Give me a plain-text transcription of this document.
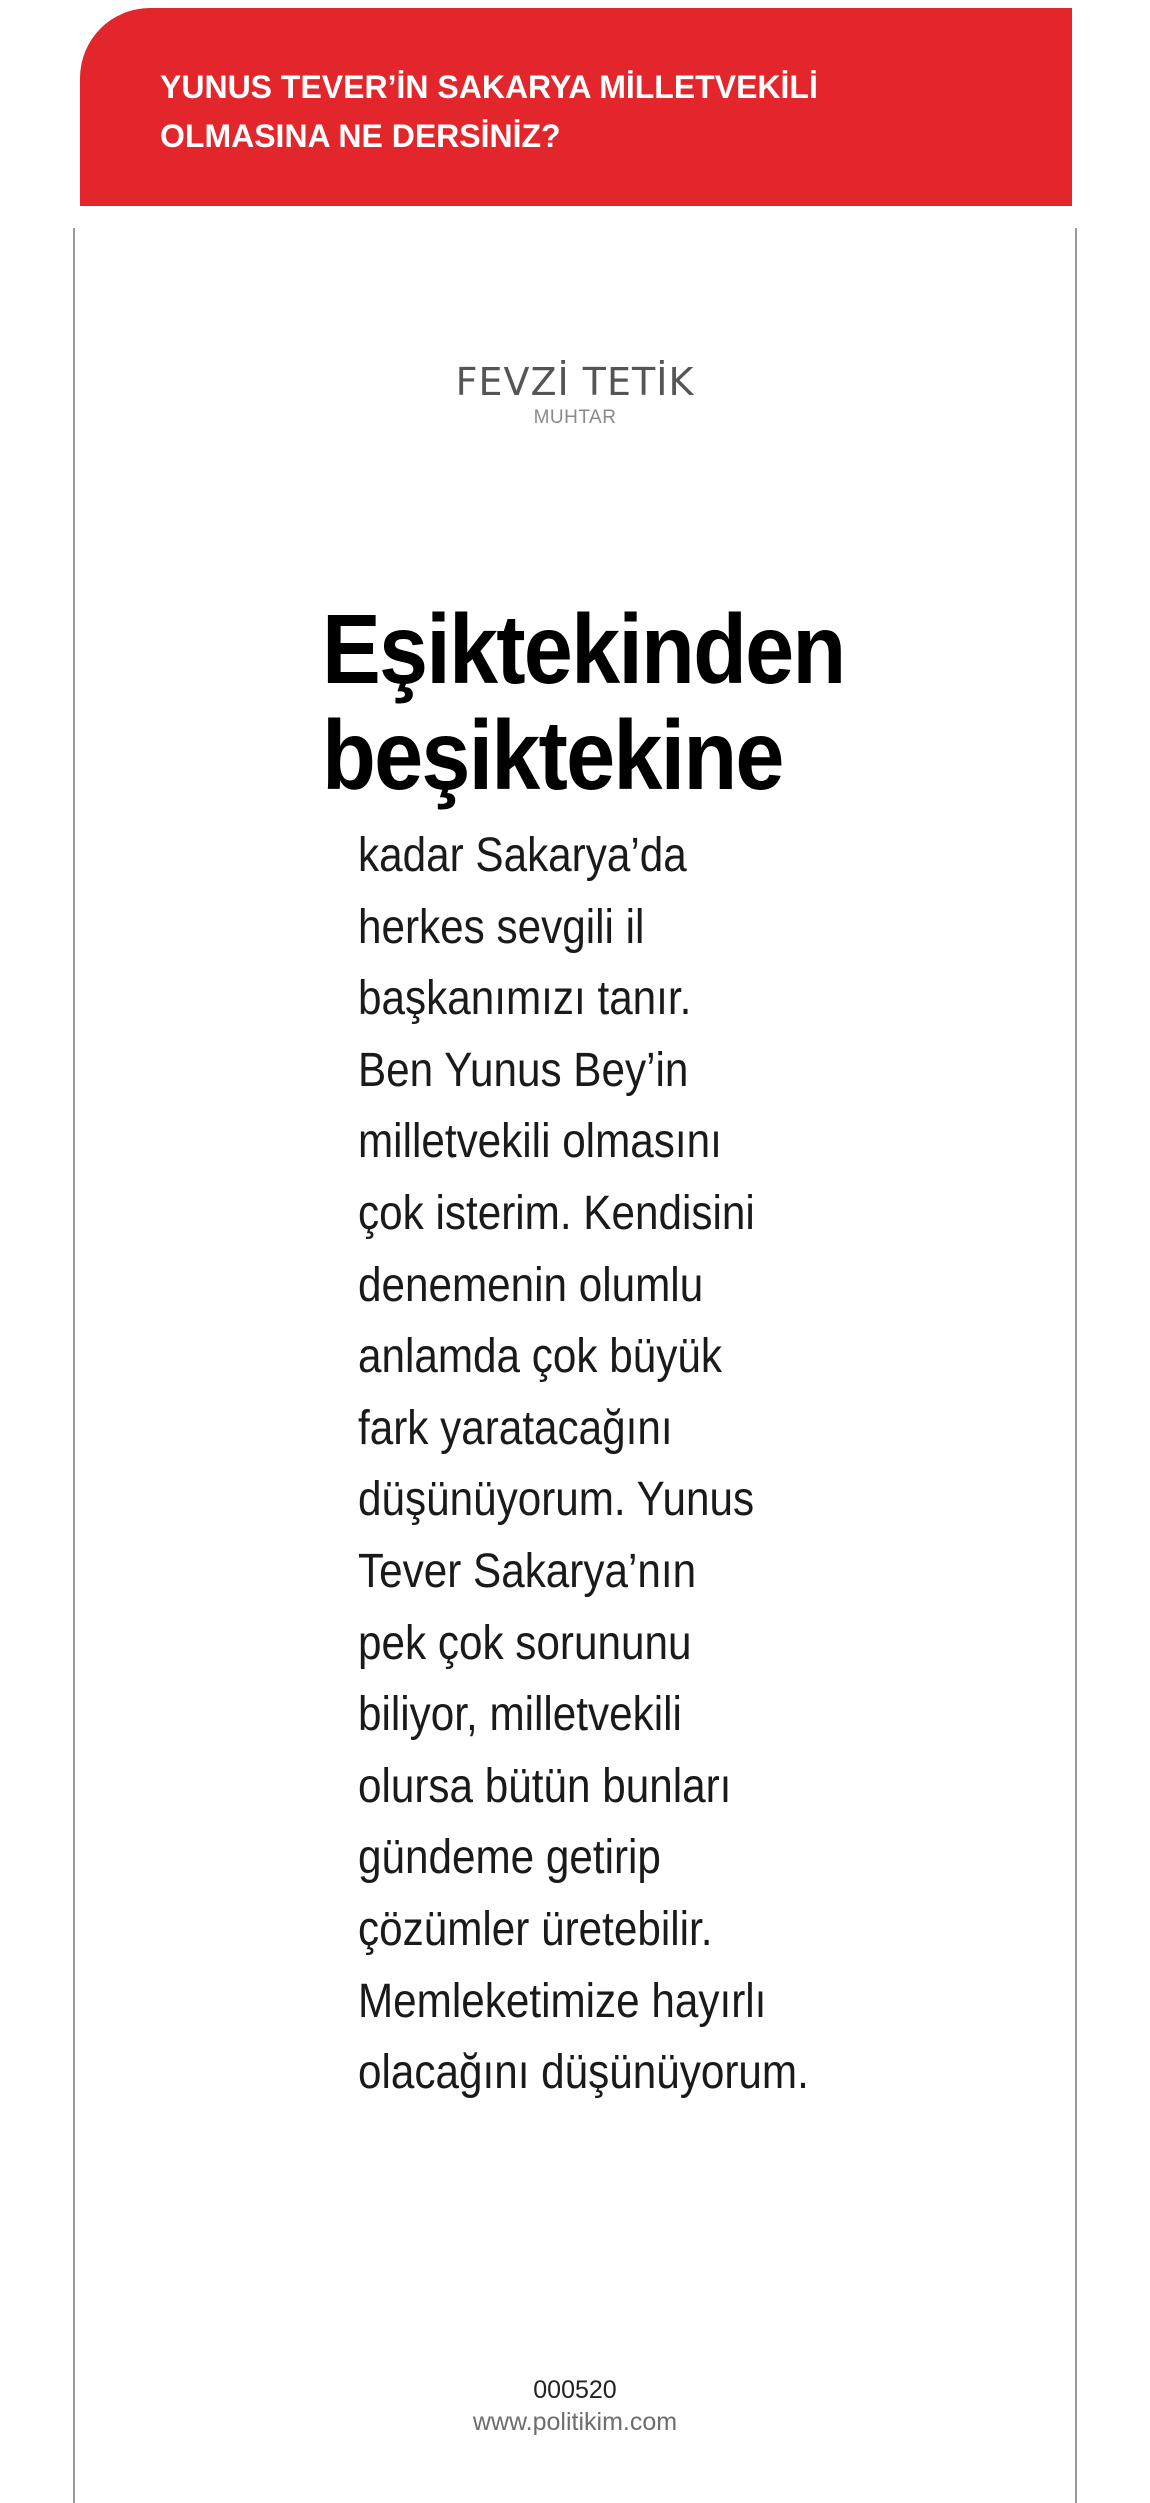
YUNUS TEVER’İN SAKARYA MİLLETVEKİLİ OLMASINA NE DERSİNİZ?

FEVZİ TETİK
MUHTAR
Eşiktekinden beşiktekine
kadar Sakarya’da
herkes sevgili il
başkanımızı tanır.
Ben Yunus Bey’in
milletvekili olmasını
çok isterim. Kendisini
denemenin olumlu
anlamda çok büyük
fark yaratacağını
düşünüyorum. Yunus
Tever Sakarya’nın
pek çok sorununu
biliyor, milletvekili
olursa bütün bunları
gündeme getirip
çözümler üretebilir.
Memleketimize hayırlı
olacağını düşünüyorum.
000520
www.politikim.com
